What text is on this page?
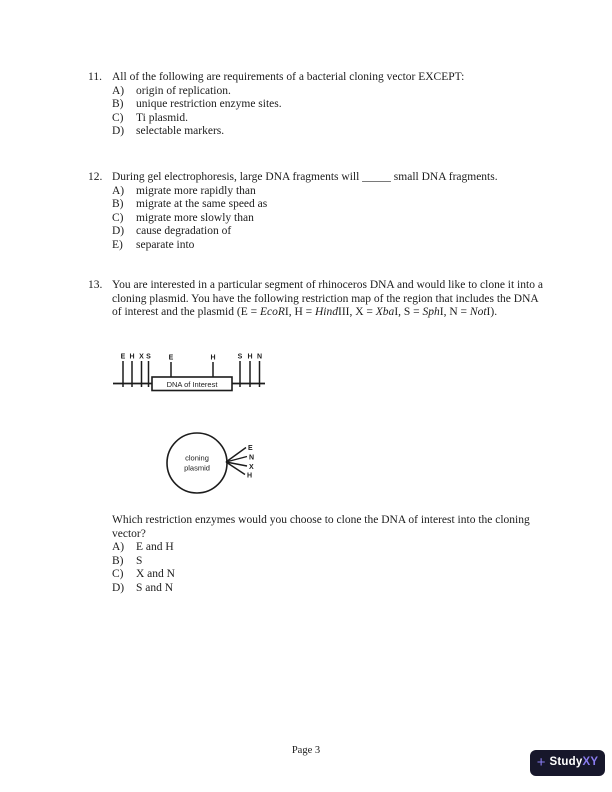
11. All of the following are requirements of a bacterial cloning vector EXCEPT:
A)	origin of replication.
B)	unique restriction enzyme sites.
C)	Ti plasmid.
D)	selectable markers.
12. During gel electrophoresis, large DNA fragments will _____ small DNA fragments.
A)	migrate more rapidly than
B)	migrate at the same speed as
C)	migrate more slowly than
D)	cause degradation of
E)	separate into
13. You are interested in a particular segment of rhinoceros DNA and would like to clone it into a cloning plasmid. You have the following restriction map of the region that includes the DNA of interest and the plasmid (E = EcoRI, H = HindIII, X = XbaI, S = SphI, N = NotI).
DNA of Interest
E H X S	E	H	S H N
cloning
plasmid
E
N
X
H
Which restriction enzymes would you choose to clone the DNA of interest into the cloning vector?
A)	E and H
B)	S
C)	X and N
D)	S and N
Page 3
+ StudyXY
